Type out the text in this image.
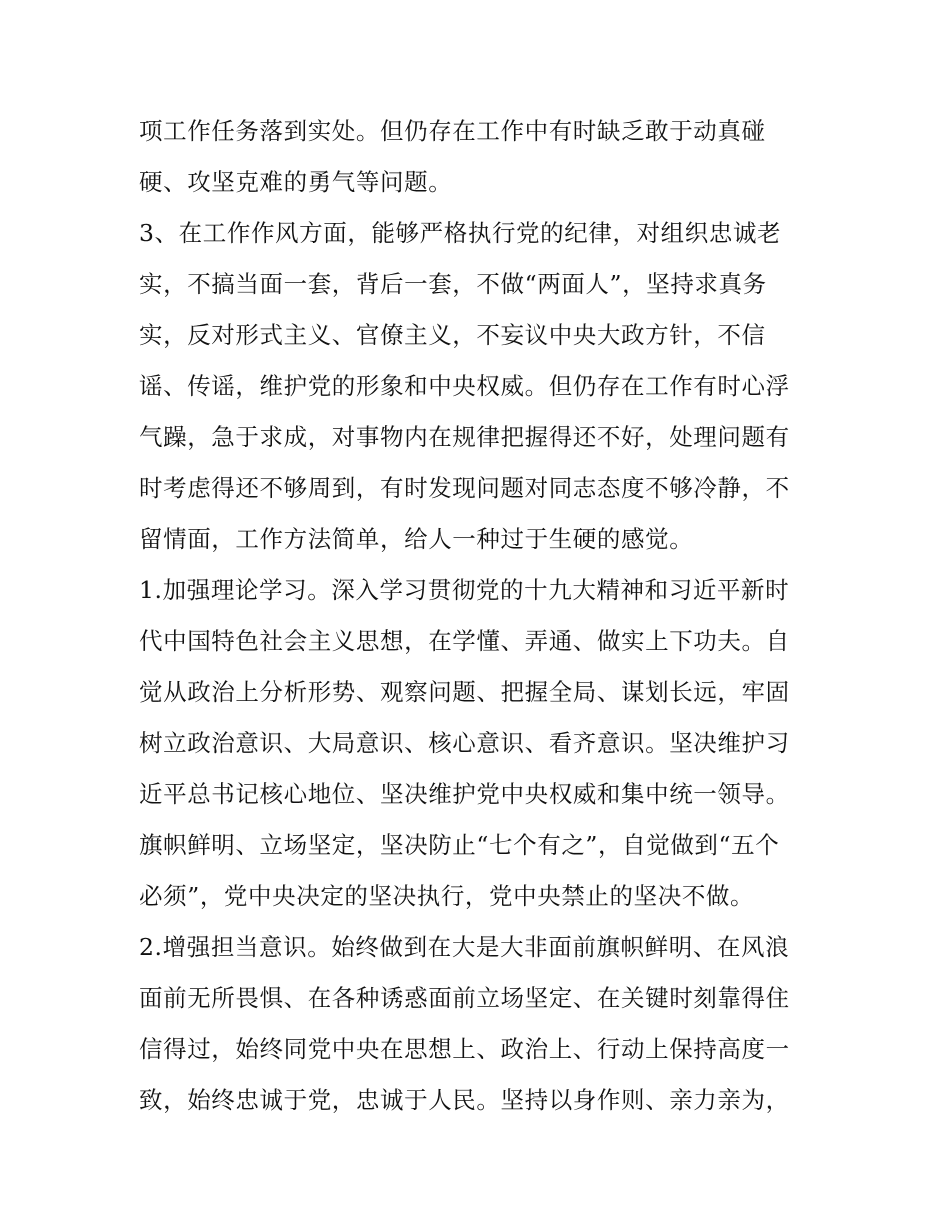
项工作任务落到实处。但仍存在工作中有时缺乏敢于动真碰
硬、攻坚克难的勇气等问题。
3、在工作作风方面，能够严格执行党的纪律，对组织忠诚老
实，不搞当面一套，背后一套，不做“两面人”，坚持求真务
实，反对形式主义、官僚主义，不妄议中央大政方针，不信
谣、传谣，维护党的形象和中央权威。但仍存在工作有时心浮
气躁，急于求成，对事物内在规律把握得还不好，处理问题有
时考虑得还不够周到，有时发现问题对同志态度不够冷静，不
留情面，工作方法简单，给人一种过于生硬的感觉。
1.加强理论学习。深入学习贯彻党的十九大精神和习近平新时
代中国特色社会主义思想，在学懂、弄通、做实上下功夫。自
觉从政治上分析形势、观察问题、把握全局、谋划长远，牢固
树立政治意识、大局意识、核心意识、看齐意识。坚决维护习
近平总书记核心地位、坚决维护党中央权威和集中统一领导。
旗帜鲜明、立场坚定，坚决防止“七个有之”，自觉做到“五个
必须”，党中央决定的坚决执行，党中央禁止的坚决不做。
2.增强担当意识。始终做到在大是大非面前旗帜鲜明、在风浪
面前无所畏惧、在各种诱惑面前立场坚定、在关键时刻靠得住
信得过，始终同党中央在思想上、政治上、行动上保持高度一
致，始终忠诚于党，忠诚于人民。坚持以身作则、亲力亲为，
